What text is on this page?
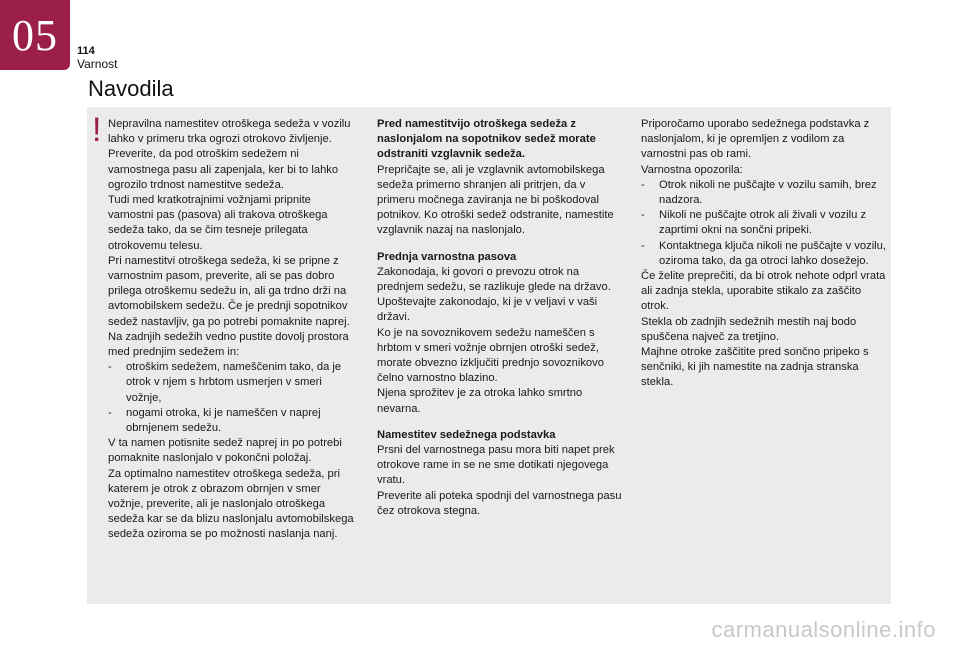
05 114
Varnost
Navodila
! Nepravilna namestitev otroškega sedeža v vozilu lahko v primeru trka ogrozi otrokovo življenje.

Preverite, da pod otroškim sedežem ni varnostnega pasu ali zapenjala, ker bi to lahko ogrozilo trdnost namestitve sedeža.

Tudi med kratkotrajnimi vožnjami pripnite varnostni pas (pasova) ali trakova otroškega sedeža tako, da se čim tesneje prilegata otrokovemu telesu.

Pri namestitvi otroškega sedeža, ki se pripne z varnostnim pasom, preverite, ali se pas dobro prilega otroškemu sedežu in, ali ga trdno drži na avtomobilskem sedežu. Če je prednji sopotnikov sedež nastavljiv, ga po potrebi pomaknite naprej.

Na zadnjih sedežih vedno pustite dovolj prostora med prednjim sedežem in:

-	otroškim sedežem, nameščenim tako, da je otrok v njem s hrbtom usmerjen v smeri vožnje,
-	nogami otroka, ki je nameščen v naprej obrnjenem sedežu.

V ta namen potisnite sedež naprej in po potrebi pomaknite naslonjalo v pokončni položaj.

Za optimalno namestitev otroškega sedeža, pri katerem je otrok z obrazom obrnjen v smer vožnje, preverite, ali je naslonjalo otroškega sedeža kar se da blizu naslonjalu avtomobilskega sedeža oziroma se po možnosti naslanja nanj.

Pred namestitvijo otroškega sedeža z naslonjalom na sopotnikov sedež morate odstraniti vzglavnik sedeža.

Prepričajte se, ali je vzglavnik avtomobilskega sedeža primerno shranjen ali pritrjen, da v primeru močnega zaviranja ne bi poškodoval potnikov. Ko otroški sedež odstranite, namestite vzglavnik nazaj na naslonjalo.

Prednja varnostna pasova

Zakonodaja, ki govori o prevozu otrok na prednjem sedežu, se razlikuje glede na državo. Upoštevajte zakonodajo, ki je v veljavi v vaši državi.

Ko je na sovoznikovem sedežu nameščen s hrbtom v smeri vožnje obrnjen otroški sedež, morate obvezno izključiti prednjo sovoznikovo čelno varnostno blazino.

Njena sprožitev je za otroka lahko smrtno nevarna.

Namestitev sedežnega podstavka

Prsni del varnostnega pasu mora biti napet prek otrokove rame in se ne sme dotikati njegovega vratu.

Preverite ali poteka spodnji del varnostnega pasu čez otrokova stegna.

Priporočamo uporabo sedežnega podstavka z naslonjalom, ki je opremljen z vodilom za varnostni pas ob rami.

Varnostna opozorila:

-	Otrok nikoli ne puščajte v vozilu samih, brez nadzora.
-	Nikoli ne puščajte otrok ali živali v vozilu z zaprtimi okni na sončni pripeki.
-	Kontaktnega ključa nikoli ne puščajte v vozilu, oziroma tako, da ga otroci lahko dosežejo.

Če želite preprečiti, da bi otrok nehote odprl vrata ali zadnja stekla, uporabite stikalo za zaščito otrok.

Stekla ob zadnjih sedežnih mestih naj bodo spuščena največ za tretjino.

Majhne otroke zaščitite pred sončno pripeko s senčniki, ki jih namestite na zadnja stranska stekla.

carmanualsonline.info
